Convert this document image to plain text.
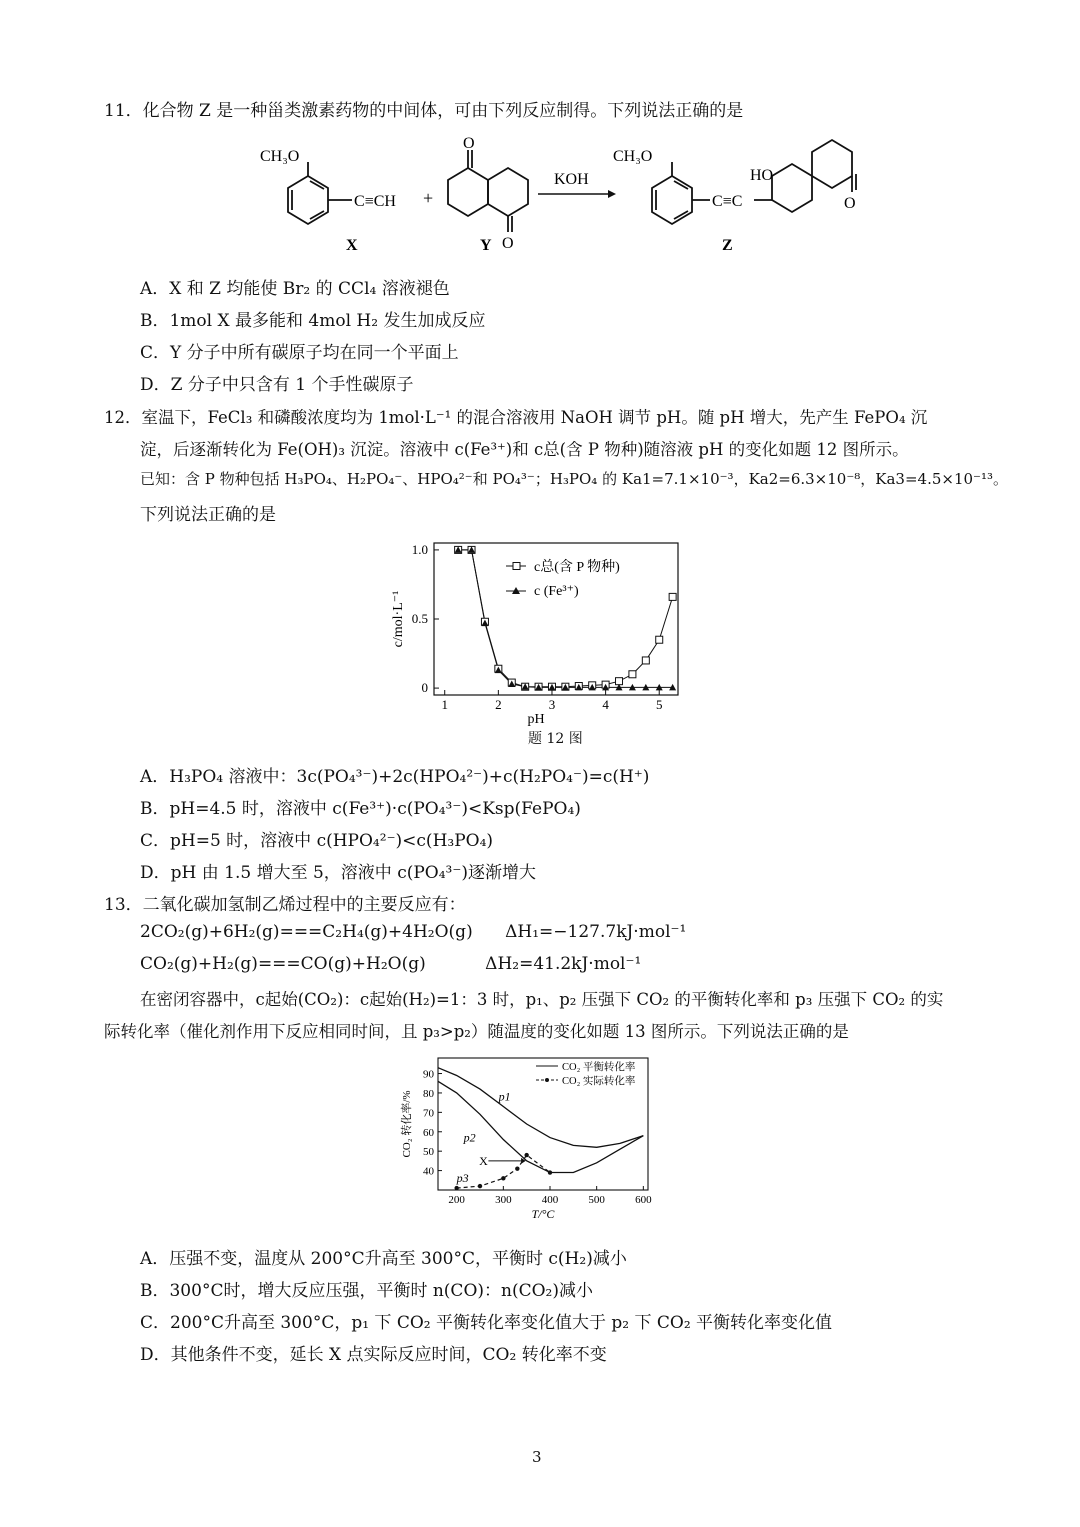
11．化合物 Z 是一种甾类激素药物的中间体，可由下列反应制得。下列说法正确的是
CH₃O
C≡CH +
O
O
KOH
CH₃O
C≡C
HO
O
X	Y	Z
A．X 和 Z 均能使 Br₂ 的 CCl₄ 溶液褪色
B．1mol X 最多能和 4mol H₂ 发生加成反应
C．Y 分子中所有碳原子均在同一个平面上
D．Z 分子中只含有 1 个手性碳原子
12．室温下，FeCl₃ 和磷酸浓度均为 1mol·L⁻¹ 的混合溶液用 NaOH 调节 pH。随 pH 增大，先产生 FePO₄ 沉
淀，后逐渐转化为 Fe(OH)₃ 沉淀。溶液中 c(Fe³⁺)和 c总(含 P 物种)随溶液 pH 的变化如题 12 图所示。
已知：含 P 物种包括 H₃PO₄、H₂PO₄⁻、HPO₄²⁻和 PO₄³⁻；H₃PO₄ 的 Ka1=7.1×10⁻³，Ka2=6.3×10⁻⁸，Ka3=4.5×10⁻¹³。
下列说法正确的是
1	2	3	4	5
0
0.5
1.0
pH
c/mol·L⁻¹
c总(含 P 物种)
c (Fe³⁺)
题 12 图
A．H₃PO₄ 溶液中：3c(PO₄³⁻)+2c(HPO₄²⁻)+c(H₂PO₄⁻)=c(H⁺)
B．pH=4.5 时，溶液中 c(Fe³⁺)·c(PO₄³⁻)<Ksp(FePO₄)
C．pH=5 时，溶液中 c(HPO₄²⁻)<c(H₃PO₄)
D．pH 由 1.5 增大至 5，溶液中 c(PO₄³⁻)逐渐增大
13．二氧化碳加氢制乙烯过程中的主要反应有：
2CO₂(g)+6H₂(g)===C₂H₄(g)+4H₂O(g)      ΔH₁=−127.7kJ·mol⁻¹
CO₂(g)+H₂(g)===CO(g)+H₂O(g)           ΔH₂=41.2kJ·mol⁻¹
在密闭容器中，c起始(CO₂)：c起始(H₂)=1：3 时，p₁、p₂ 压强下 CO₂ 的平衡转化率和 p₃ 压强下 CO₂ 的实
际转化率（催化剂作用下反应相同时间，且 p₃>p₂）随温度的变化如题 13 图所示。下列说法正确的是
200	300	400	500	600
40
50
60
70
80
90
T/°C
CO₂ 转化率/%	p1
p2
p3
X
CO₂ 平衡转化率
CO₂ 实际转化率
A．压强不变，温度从 200°C升高至 300°C，平衡时 c(H₂)减小
B．300°C时，增大反应压强，平衡时 n(CO)：n(CO₂)减小
C．200°C升高至 300°C，p₁ 下 CO₂ 平衡转化率变化值大于 p₂ 下 CO₂ 平衡转化率变化值
D．其他条件不变，延长 X 点实际反应时间，CO₂ 转化率不变
3
